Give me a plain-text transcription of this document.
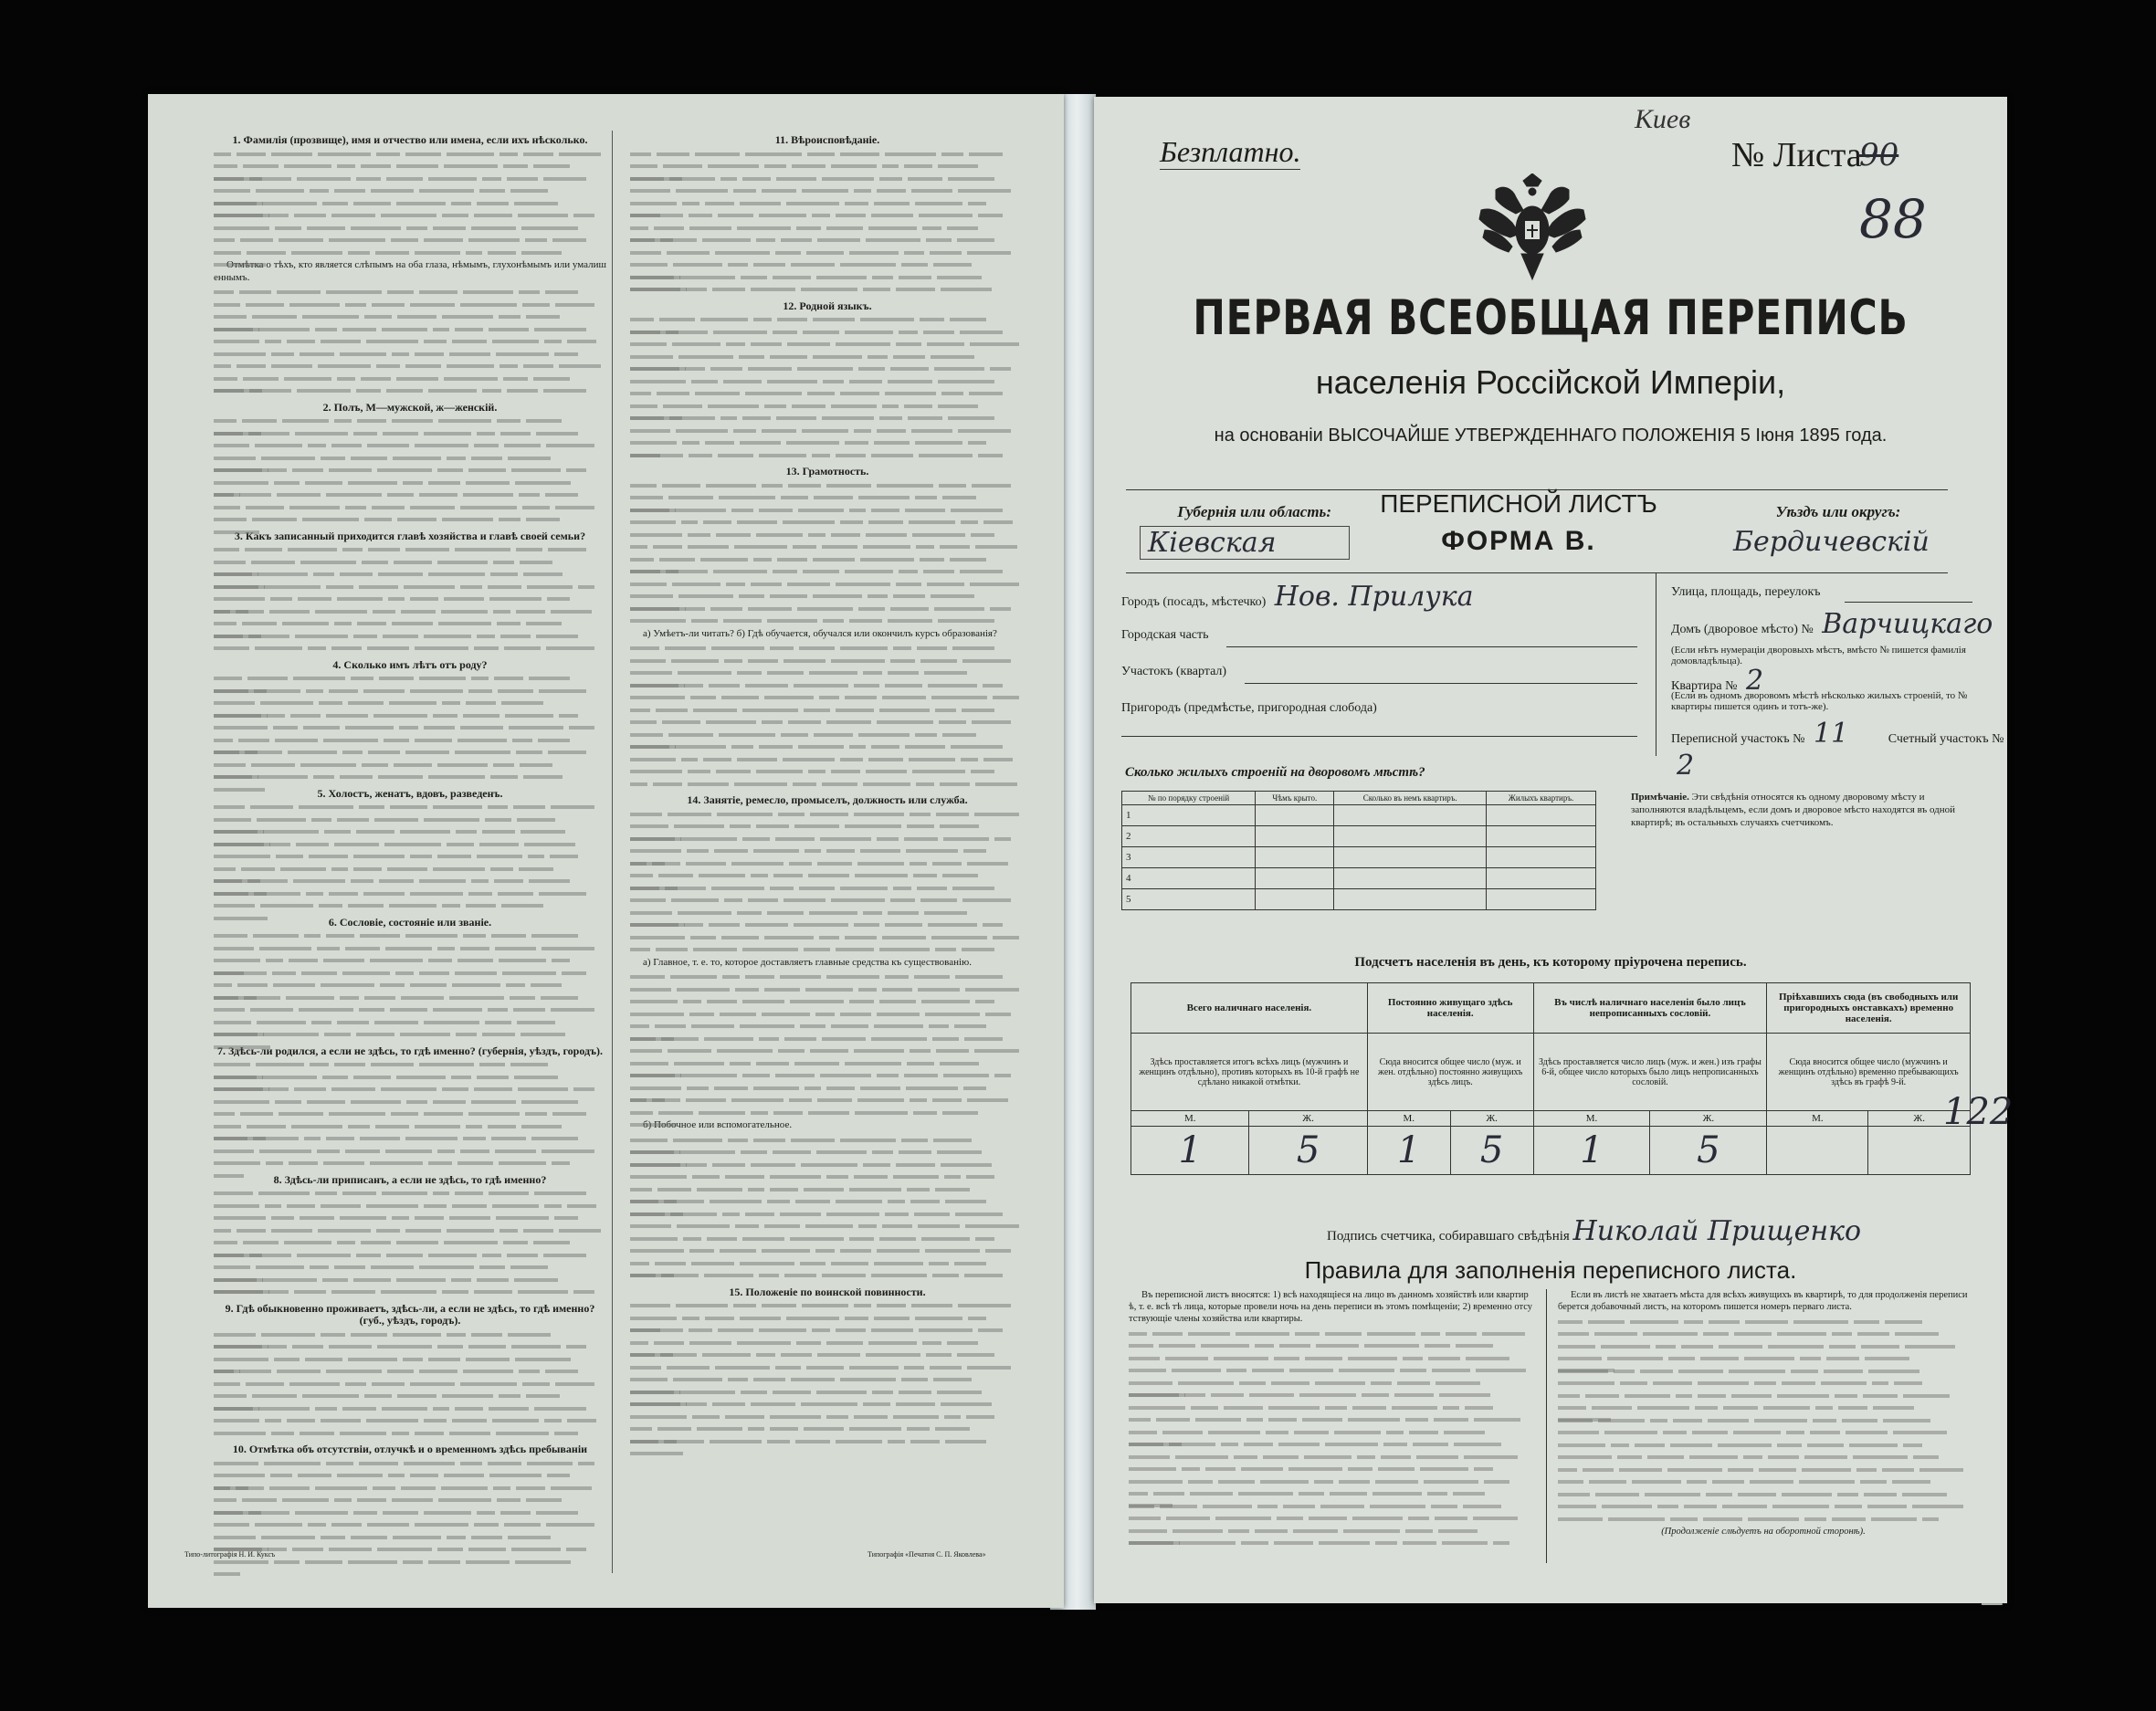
1. Фамилія (прозвище), имя и отчество или имена, если ихъ нѣсколько.
Отмѣтка о тѣхъ, кто является слѣпымъ на оба глаза, нѣмымъ, глухонѣмымъ или умалишеннымъ.
2. Полъ, М—мужской, ж—женскій.
3. Какъ записанный приходится главѣ хозяйства и главѣ своей семьи?
4. Сколько имъ лѣтъ отъ роду?
5. Холостъ, женатъ, вдовъ, разведенъ.
6. Сословіе, состояніе или званіе.
7. Здѣсь-ли родился, а если не здѣсь, то гдѣ именно? (губернія, уѣздъ, городъ).
8. Здѣсь-ли приписанъ, а если не здѣсь, то гдѣ именно?
9. Гдѣ обыкновенно проживаетъ, здѣсь-ли, а если не здѣсь, то гдѣ именно? (губ., уѣздъ, городъ).
10. Отмѣтка объ отсутствіи, отлучкѣ и о временномъ здѣсь пребываніи
11. Вѣроисповѣданіе.
12. Родной языкъ.
13. Грамотность.
а) Умѣетъ-ли читать? б) Гдѣ обучается, обучался или окончилъ курсъ образованія?
14. Занятіе, ремесло, промыселъ, должность или служба.
а) Главное, т. е. то, которое доставляетъ главные средства къ существованію.
б) Побочное или вспомогательное.
15. Положеніе по воинской повинности.
Типо-литографія Н. И. Куксъ	Типографія «Печатня С. П. Яковлева»
Киев
Безплатно.	№ Листа
90
88
ПЕРВАЯ ВСЕОБЩАЯ ПЕРЕПИСЬ
населенія Россійской Имперіи,
на основаніи ВЫСОЧАЙШЕ УТВЕРЖДЕННАГО ПОЛОЖЕНІЯ 5 Іюня 1895 года.
Губернія или область:
Кіевская
ПЕРЕПИСНОЙ ЛИСТЪ
ФОРМА В.
Уѣздъ или округъ:
Бердичевскій
Городъ (посадъ, мѣстечко) Нов. Прилука
Городская часть
Участокъ (квартал)
Пригородъ (предмѣстье, пригородная слобода)
Улица, площадь, переулокъ
Домъ (дворовое мѣсто) № Варчицкаго
(Если нѣтъ нумерацiи дворовыхъ мѣстъ, вмѣсто № пишется фамилія домовладѣльца).
Квартира № 2
(Если въ одномъ дворовомъ мѣстѣ нѣсколько жилыхъ строеній, то № квартиры пишется одинъ и тотъ-же).
Переписной участокъ № 11	Счетный участокъ № 2
Сколько жилыхъ строеній на дворовомъ мѣстѣ?
№ по порядку строеній	Чѣмъ крыто.	Сколько въ немъ квартиръ.	Жилыхъ квартиръ.
1			
2			
3			
4			
5			
Примѣчаніе. Эти свѣдѣнія относятся къ одному дворовому мѣсту и заполняются владѣльцемъ, если домъ и дворовое мѣсто находятся въ одной квартирѣ; въ остальныхъ случаяхъ счетчикомъ.
Подсчетъ населенія въ день, къ которому пріурочена перепись.
Всего наличнаго населенія.		Постоянно живущаго здѣсь населенія.		Въ числѣ наличнаго населенія было лицъ непрописанныхъ сословій.		Пріѣхавшихъ сюда (въ свободныхъ или пригородныхъ онставкахъ) временно населенія.	
Здѣсь проставляется итогъ всѣхъ лицъ (мужчинъ и женщинъ отдѣльно), противъ которыхъ въ 10-й графѣ не сдѣлано никакой отмѣтки.		Сюда вносится общее число (муж. и жен. отдѣльно) постоянно живущихъ здѣсь лицъ.		Здѣсь проставляется число лицъ (муж. и жен.) изъ графы 6-й, общее число которыхъ было лицъ непрописанныхъ сословій.		Сюда вносится общее число (мужчинъ и женщинъ отдѣльно) временно пребывающихъ здѣсь въ графѣ 9-й.	
М.	Ж.	М.	Ж.	М.	Ж.	М.	Ж.
1	5	1	5	1	5		
Подпись счетчика, собиравшаго свѣдѣнія Николай Прищенко
Правила для заполненія переписного листа.
Въ переписной листъ вносятся: 1) всѣ находящіеся на лицо въ данномъ хозяйствѣ или квартирѣ, т. е. всѣ тѣ лица, которые провели ночь на день переписи въ этомъ помѣщеніи; 2) временно отсутствующіе члены хозяйства или квартиры.
Если въ листѣ не хватаетъ мѣста для всѣхъ живущихъ въ квартирѣ, то для продолженія переписи берется добавочный листъ, на которомъ пишется номеръ перваго листа.
(Продолженіе слѣдуетъ на оборотной сторонѣ).
122
